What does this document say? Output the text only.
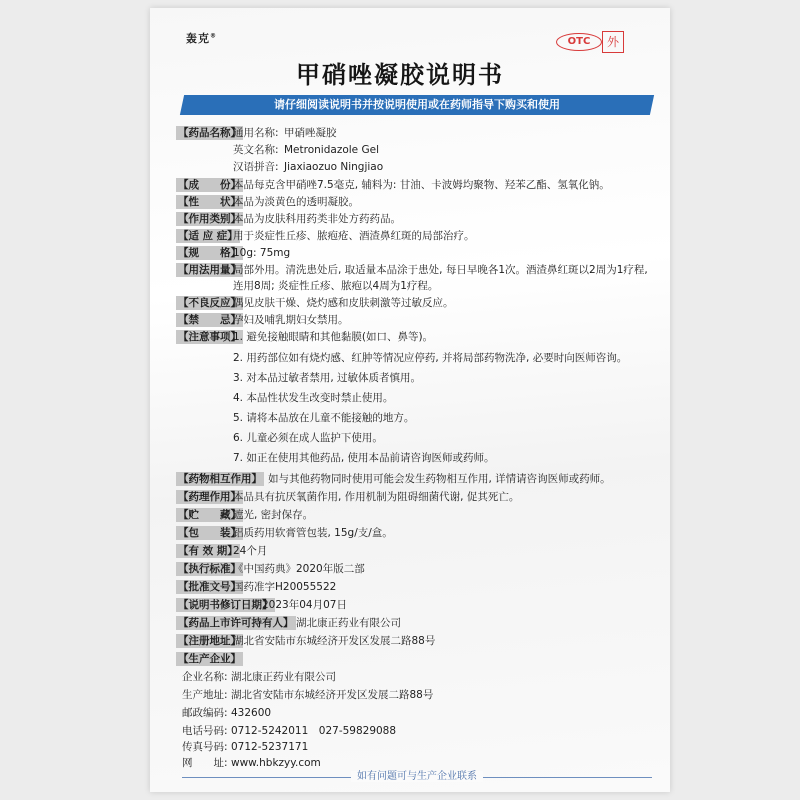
轰克®
OTC	外
甲硝唑凝胶说明书
请仔细阅读说明书并按说明使用或在药师指导下购买和使用
【药品名称】
通用名称: 甲硝唑凝胶
英文名称: Metronidazole Gel
汉语拼音: Jiaxiaozuo Ningjiao
【成　　份】
本品每克含甲硝唑7.5毫克, 辅料为: 甘油、卡波姆均聚物、羟苯乙酯、氢氧化钠。
【性　　状】
本品为淡黄色的透明凝胶。
【作用类别】
本品为皮肤科用药类非处方药药品。
【适 应 症】
用于炎症性丘疹、脓疱疮、酒渣鼻红斑的局部治疗。
【规　　格】
10g: 75mg
【用法用量】
局部外用。清洗患处后, 取适量本品涂于患处, 每日早晚各1次。酒渣鼻红斑以2周为1疗程,
连用8周; 炎症性丘疹、脓疱以4周为1疗程。
【不良反应】
偶见皮肤干燥、烧灼感和皮肤刺激等过敏反应。
【禁　　忌】
孕妇及哺乳期妇女禁用。
【注意事项】
1. 避免接触眼睛和其他黏膜(如口、鼻等)。
2. 用药部位如有烧灼感、红肿等情况应停药, 并将局部药物洗净, 必要时向医师咨询。
3. 对本品过敏者禁用, 过敏体质者慎用。
4. 本品性状发生改变时禁止使用。
5. 请将本品放在儿童不能接触的地方。
6. 儿童必须在成人监护下使用。
7. 如正在使用其他药品, 使用本品前请咨询医师或药师。
【药物相互作用】 如与其他药物同时使用可能会发生药物相互作用, 详情请咨询医师或药师。
【药理作用】
本品具有抗厌氧菌作用, 作用机制为阻碍细菌代谢, 促其死亡。
【贮　　藏】
遮光, 密封保存。
【包　　装】
铝质药用软膏管包装, 15g/支/盒。
【有 效 期】
24个月
【执行标准】
《中国药典》2020年版二部
【批准文号】
国药准字H20055522
【说明书修订日期】
2023年04月07日
【药品上市许可持有人】 湖北康正药业有限公司
【注册地址】
湖北省安陆市东城经济开发区发展二路88号
【生产企业】
企业名称: 湖北康正药业有限公司
生产地址: 湖北省安陆市东城经济开发区发展二路88号
邮政编码: 432600
电话号码: 0712-5242011　027-59829088
传真号码: 0712-5237171
如有问题可与生产企业联系
网　　址: www.hbkzyy.com
